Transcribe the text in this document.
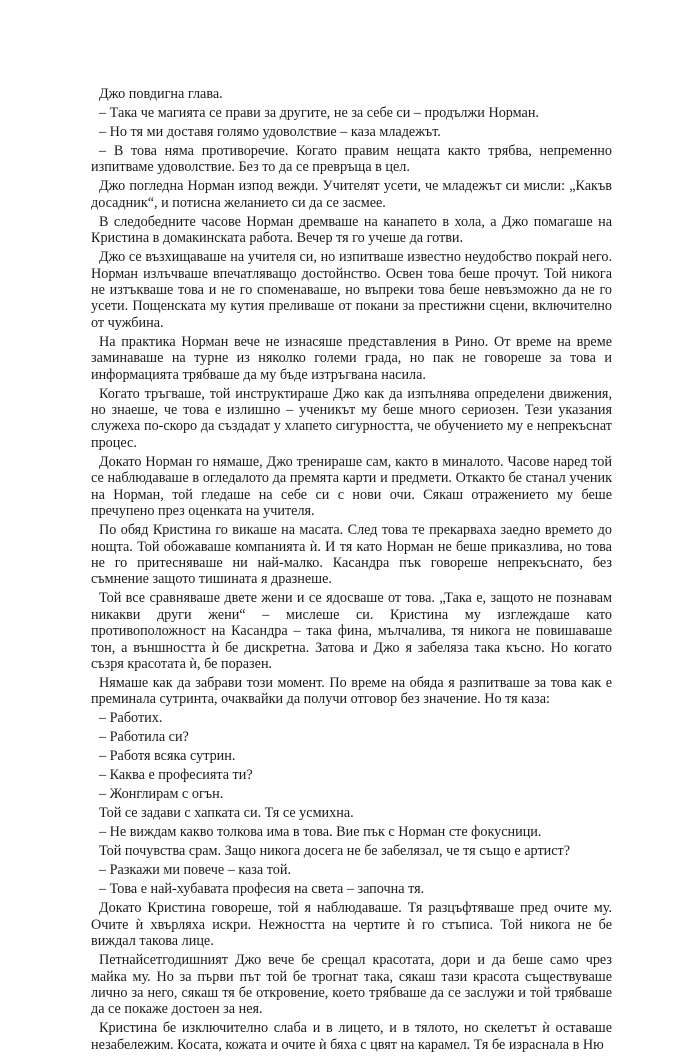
Джо повдигна глава.

– Така че магията се прави за другите, не за себе си – продължи Норман.

– Но тя ми доставя голямо удоволствие – каза младежът.

– В това няма противоречие. Когато правим нещата както трябва, непременно изпитваме удоволствие. Без то да се превръща в цел.

Джо погледна Норман изпод вежди. Учителят усети, че младежът си мисли: „Какъв досадник“, и потисна желанието си да се засмее.

В следобедните часове Норман дремваше на канапето в хола, а Джо помагаше на Кристина в домакинската работа. Вечер тя го учеше да готви.

Джо се възхищаваше на учителя си, но изпитваше известно неудобство покрай него. Норман излъчваше впечатляващо достойнство. Освен това беше прочут. Той никога не изтъкваше това и не го споменаваше, но въпреки това беше невъзможно да не го усети. Пощенската му кутия преливаше от покани за престижни сцени, включително от чужбина.

На практика Норман вече не изнасяше представления в Рино. От време на време заминаваше на турне из няколко големи града, но пак не говореше за това и информацията трябваше да му бъде изтръгвана насила.

Когато тръгваше, той инструктираше Джо как да изпълнява определени движения, но знаеше, че това е излишно – ученикът му беше много сериозен. Тези указания служеха по-скоро да създадат у хлапето сигурността, че обучението му е непрекъснат процес.

Докато Норман го нямаше, Джо тренираше сам, както в миналото. Часове наред той се наблюдаваше в огледалото да премята карти и предмети. Откакто бе станал ученик на Норман, той гледаше на себе си с нови очи. Сякаш отражението му беше пречупено през оценката на учителя.

По обяд Кристина го викаше на масата. След това те прекарваха заедно времето до нощта. Той обожаваше компанията ѝ. И тя като Норман не беше приказлива, но това не го притесняваше ни най-малко. Касандра пък говореше непрекъснато, без съмнение защото тишината я дразнеше.

Той все сравняваше двете жени и се ядосваше от това. „Така е, защото не познавам никакви други жени“ – мислеше си. Кристина му изглеждаше като противоположност на Касандра – така фина, мълчалива, тя никога не повишаваше тон, а външността ѝ бе дискретна. Затова и Джо я забеляза така късно. Но когато съзря красотата ѝ, бе поразен.

Нямаше как да забрави този момент. По време на обяда я разпитваше за това как е преминала сутринта, очаквайки да получи отговор без значение. Но тя каза:

– Работих.

– Работила си?

– Работя всяка сутрин.

– Каква е професията ти?

– Жонглирам с огън.

Той се задави с хапката си. Тя се усмихна.

– Не виждам какво толкова има в това. Вие пък с Норман сте фокусници.

Той почувства срам. Защо никога досега не бе забелязал, че тя също е артист?

– Разкажи ми повече – каза той.

– Това е най-хубавата професия на света – започна тя.

Докато Кристина говореше, той я наблюдаваше. Тя разцъфтяваше пред очите му. Очите ѝ хвърляха искри. Нежността на чертите ѝ го стъписа. Той никога не бе виждал такова лице.

Петнайсетгодишният Джо вече бе срещал красотата, дори и да беше само чрез майка му. Но за първи път той бе трогнат така, сякаш тази красота съществуваше лично за него, сякаш тя бе откровение, което трябваше да се заслужи и той трябваше да се покаже достоен за нея.

Кристина бе изключително слаба и в лицето, и в тялото, но скелетът ѝ оставаше незабележим. Косата, кожата и очите ѝ бяха с цвят на карамел. Тя бе израснала в Ню
